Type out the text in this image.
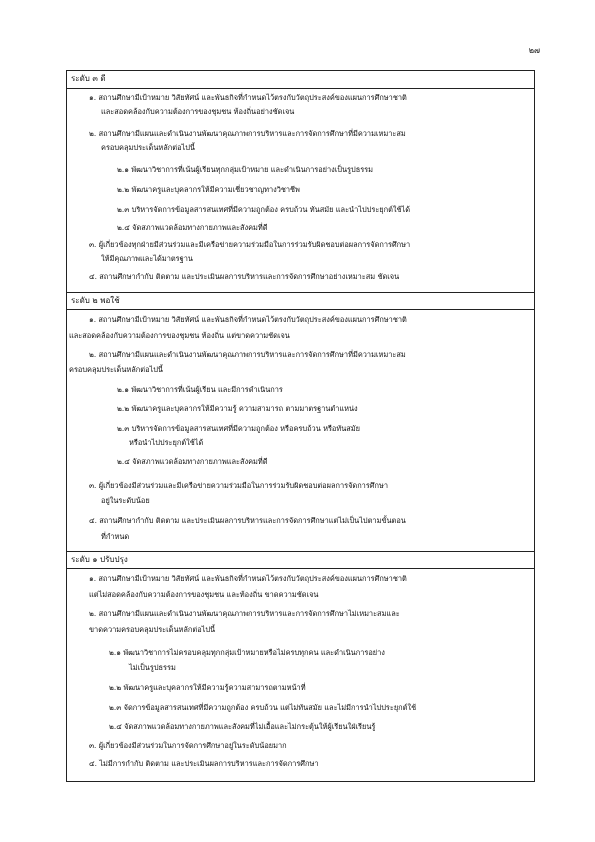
๒๗
ระดับ ๓ ดี
๑. สถานศึกษามีเป้าหมาย วิสัยทัศน์ และพันธกิจที่กำหนดไว้ตรงกับวัตถุประสงค์ของแผนการศึกษาชาติ
และสอดคล้องกับความต้องการของชุมชน ท้องถิ่นอย่างชัดเจน
๒. สถานศึกษามีแผนและดำเนินงานพัฒนาคุณภาพการบริหารและการจัดการศึกษาที่มีความเหมาะสม
ครอบคลุมประเด็นหลักต่อไปนี้
๒.๑ พัฒนาวิชาการที่เน้นผู้เรียนทุกกลุ่มเป้าหมาย และดำเนินการอย่างเป็นรูปธรรม
๒.๒ พัฒนาครูและบุคลากรให้มีความเชี่ยวชาญทางวิชาชีพ
๒.๓ บริหารจัดการข้อมูลสารสนเทศที่มีความถูกต้อง ครบถ้วน ทันสมัย และนำไปประยุกต์ใช้ได้
๒.๔ จัดสภาพแวดล้อมทางกายภาพและสังคมที่ดี
๓. ผู้เกี่ยวข้องทุกฝ่ายมีส่วนร่วมและมีเครือข่ายความร่วมมือในการร่วมรับผิดชอบต่อผลการจัดการศึกษา
ให้มีคุณภาพและได้มาตรฐาน
๔. สถานศึกษากำกับ ติดตาม และประเมินผลการบริหารและการจัดการศึกษาอย่างเหมาะสม ชัดเจน
ระดับ ๒ พอใช้
๑. สถานศึกษามีเป้าหมาย วิสัยทัศน์ และพันธกิจที่กำหนดไว้ตรงกับวัตถุประสงค์ของแผนการศึกษาชาติ
และสอดคล้องกับความต้องการของชุมชน ท้องถิ่น แต่ขาดความชัดเจน
๒. สถานศึกษามีแผนและดำเนินงานพัฒนาคุณภาพการบริหารและการจัดการศึกษาที่มีความเหมาะสม
ครอบคลุมประเด็นหลักต่อไปนี้
๒.๑ พัฒนาวิชาการที่เน้นผู้เรียน และมีการดำเนินการ
๒.๒ พัฒนาครูและบุคลากรให้มีความรู้ ความสามารถ ตามมาตรฐานตำแหน่ง
๒.๓ บริหารจัดการข้อมูลสารสนเทศที่มีความถูกต้อง หรือครบถ้วน หรือทันสมัย
หรือนำไปประยุกต์ใช้ได้
๒.๔ จัดสภาพแวดล้อมทางกายภาพและสังคมที่ดี
๓. ผู้เกี่ยวข้องมีส่วนร่วมและมีเครือข่ายความร่วมมือในการร่วมรับผิดชอบต่อผลการจัดการศึกษา
อยู่ในระดับน้อย
๔. สถานศึกษากำกับ ติดตาม และประเมินผลการบริหารและการจัดการศึกษาแต่ไม่เป็นไปตามขั้นตอน
ที่กำหนด
ระดับ ๑ ปรับปรุง
๑. สถานศึกษามีเป้าหมาย วิสัยทัศน์ และพันธกิจที่กำหนดไว้ตรงกับวัตถุประสงค์ของแผนการศึกษาชาติ
แต่ไม่สอดคล้องกับความต้องการของชุมชน และท้องถิ่น ขาดความชัดเจน
๒. สถานศึกษามีแผนและดำเนินงานพัฒนาคุณภาพการบริหารและการจัดการศึกษาไม่เหมาะสมและ
ขาดความครอบคลุมประเด็นหลักต่อไปนี้
๒.๑ พัฒนาวิชาการไม่ครอบคลุมทุกกลุ่มเป้าหมายหรือไม่ครบทุกคน และดำเนินการอย่าง
ไม่เป็นรูปธรรม
๒.๒ พัฒนาครูและบุคลากรให้มีความรู้ความสามารถตามหน้าที่
๒.๓ จัดการข้อมูลสารสนเทศที่มีความถูกต้อง ครบถ้วน แต่ไม่ทันสมัย และไม่มีการนำไปประยุกต์ใช้
๒.๔ จัดสภาพแวดล้อมทางกายภาพและสังคมที่ไม่เอื้อและไม่กระตุ้นให้ผู้เรียนใฝ่เรียนรู้
๓. ผู้เกี่ยวข้องมีส่วนร่วมในการจัดการศึกษาอยู่ในระดับน้อยมาก
๔. ไม่มีการกำกับ ติดตาม และประเมินผลการบริหารและการจัดการศึกษา
